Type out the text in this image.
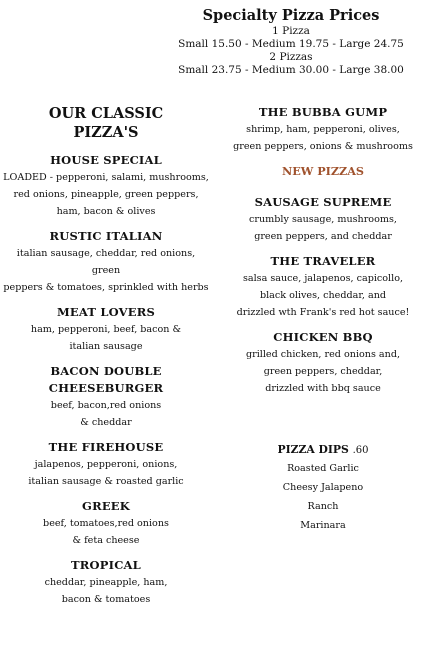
Specialty Pizza Prices
1 Pizza
Small 15.50 - Medium 19.75 - Large 24.75
2 Pizzas
Small 23.75 - Medium 30.00 - Large 38.00
OUR CLASSIC
PIZZA'S
HOUSE SPECIAL
LOADED - pepperoni, salami, mushrooms,
red onions, pineapple, green peppers,
ham, bacon & olives
RUSTIC ITALIAN
italian sausage, cheddar, red onions, green
peppers & tomatoes, sprinkled with herbs
MEAT LOVERS
ham, pepperoni, beef, bacon &
italian sausage
BACON DOUBLE
CHEESEBURGER
beef, bacon,red onions
& cheddar
THE FIREHOUSE
jalapenos, pepperoni, onions,
italian sausage & roasted garlic
GREEK
beef, tomatoes,red onions
& feta cheese
TROPICAL
cheddar, pineapple, ham,
bacon & tomatoes
THE BUBBA GUMP
shrimp, ham, pepperoni, olives,
green peppers, onions & mushrooms
NEW PIZZAS
SAUSAGE SUPREME
crumbly sausage, mushrooms,
green peppers, and cheddar
THE TRAVELER
salsa sauce, jalapenos, capicollo,
black olives, cheddar, and
drizzled wth Frank's red hot sauce!
CHICKEN BBQ
grilled chicken, red onions and,
green peppers, cheddar,
drizzled with bbq sauce
PIZZA DIPS .60
Roasted Garlic
Cheesy Jalapeno
Ranch
Marinara
